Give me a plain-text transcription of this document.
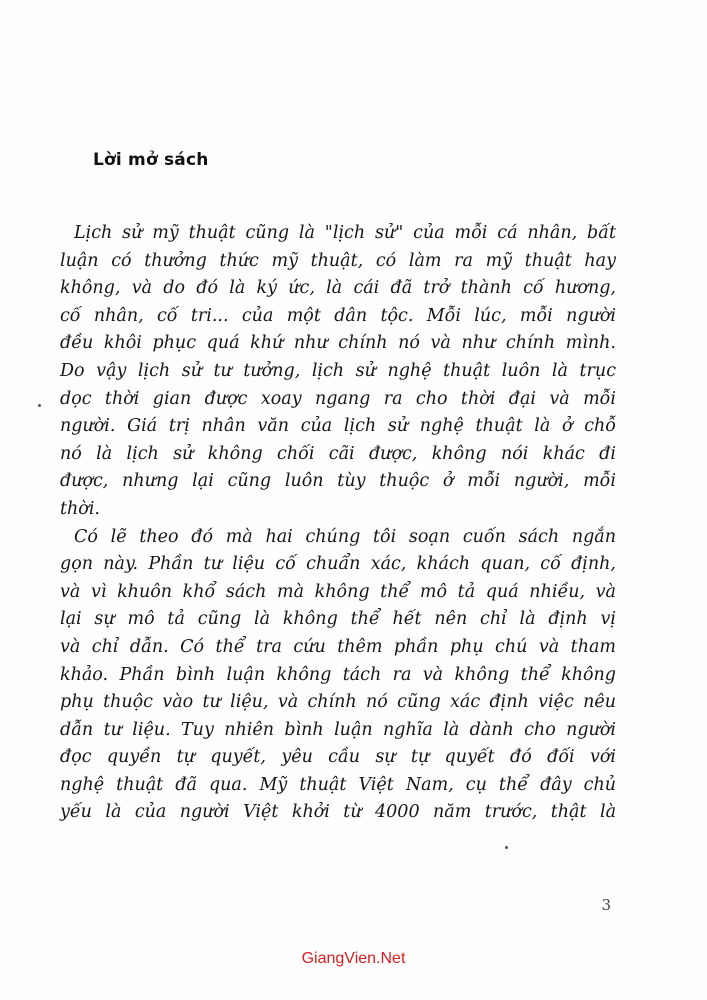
Lời mở sách
Lịch sử mỹ thuật cũng là "lịch sử" của mỗi cá nhân, bất
luận có thưởng thức mỹ thuật, có làm ra mỹ thuật hay
không, và do đó là ký ức, là cái đã trở thành cố hương,
cố nhân, cố tri... của một dân tộc. Mỗi lúc, mỗi người
đều khôi phục quá khứ như chính nó và như chính mình.
Do vậy lịch sử tư tưởng, lịch sử nghệ thuật luôn là trục
dọc thời gian được xoay ngang ra cho thời đại và mỗi
người. Giá trị nhân văn của lịch sử nghệ thuật là ở chỗ
nó là lịch sử không chối cãi được, không nói khác đi
được, nhưng lại cũng luôn tùy thuộc ở mỗi người, mỗi
thời.
Có lẽ theo đó mà hai chúng tôi soạn cuốn sách ngắn
gọn này. Phần tư liệu cố chuẩn xác, khách quan, cố định,
và vì khuôn khổ sách mà không thể mô tả quá nhiều, và
lại sự mô tả cũng là không thể hết nên chỉ là định vị
và chỉ dẫn. Có thể tra cứu thêm phần phụ chú và tham
khảo. Phần bình luận không tách ra và không thể không
phụ thuộc vào tư liệu, và chính nó cũng xác định việc nêu
dẫn tư liệu. Tuy nhiên bình luận nghĩa là dành cho người
đọc quyền tự quyết, yêu cầu sự tự quyết đó đối với
nghệ thuật đã qua. Mỹ thuật Việt Nam, cụ thể đây chủ
yếu là của người Việt khởi từ 4000 năm trước, thật là
3
GiangVien.Net
